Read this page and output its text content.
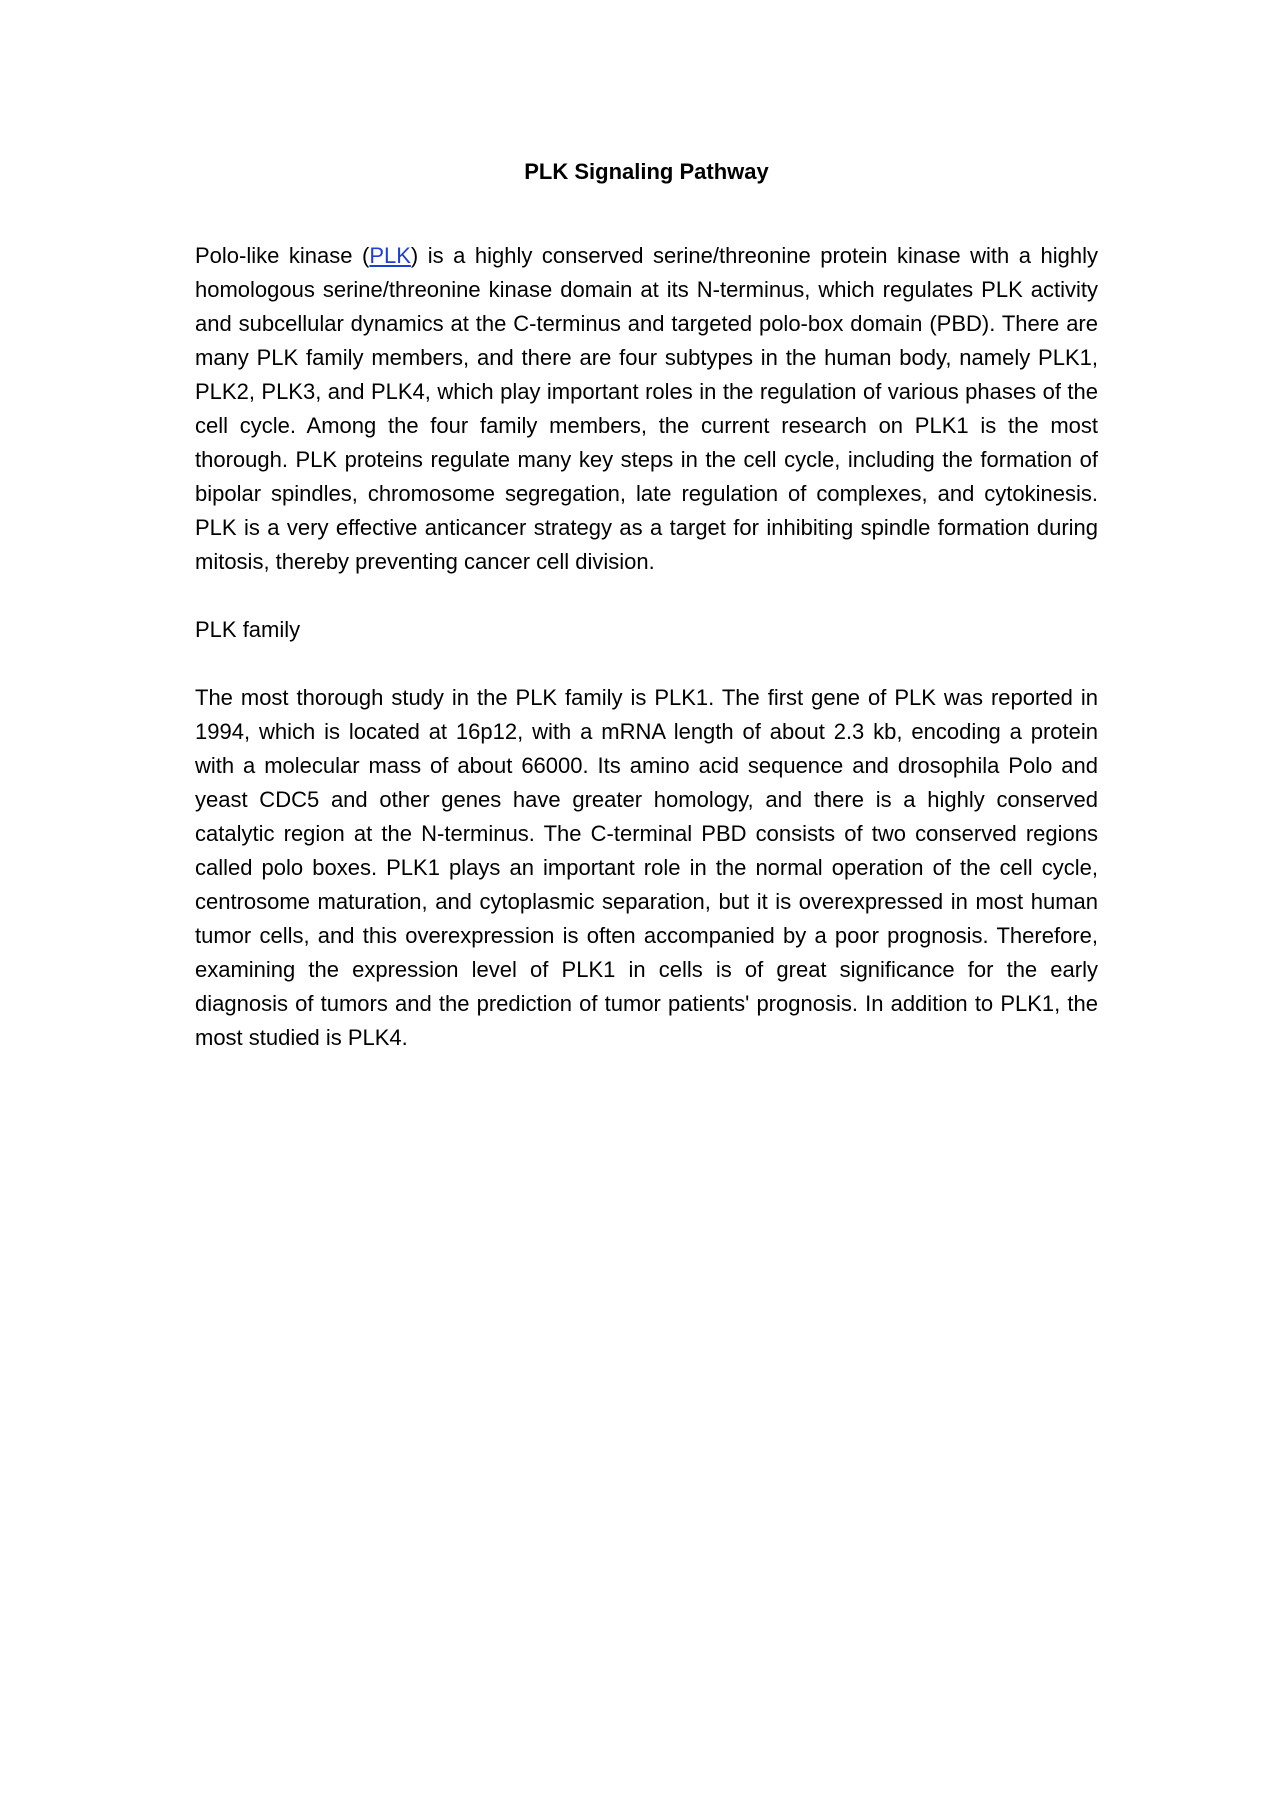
PLK Signaling Pathway

Polo-like kinase (PLK) is a highly conserved serine/threonine protein kinase with a highly homologous serine/threonine kinase domain at its N-terminus, which regulates PLK activity and subcellular dynamics at the C-terminus and targeted polo-box domain (PBD). There are many PLK family members, and there are four subtypes in the human body, namely PLK1, PLK2, PLK3, and PLK4, which play important roles in the regulation of various phases of the cell cycle. Among the four family members, the current research on PLK1 is the most thorough. PLK proteins regulate many key steps in the cell cycle, including the formation of bipolar spindles, chromosome segregation, late regulation of complexes, and cytokinesis. PLK is a very effective anticancer strategy as a target for inhibiting spindle formation during mitosis, thereby preventing cancer cell division.

PLK family

The most thorough study in the PLK family is PLK1. The first gene of PLK was reported in 1994, which is located at 16p12, with a mRNA length of about 2.3 kb, encoding a protein with a molecular mass of about 66000. Its amino acid sequence and drosophila Polo and yeast CDC5 and other genes have greater homology, and there is a highly conserved catalytic region at the N-terminus. The C-terminal PBD consists of two conserved regions called polo boxes. PLK1 plays an important role in the normal operation of the cell cycle, centrosome maturation, and cytoplasmic separation, but it is overexpressed in most human tumor cells, and this overexpression is often accompanied by a poor prognosis. Therefore, examining the expression level of PLK1 in cells is of great significance for the early diagnosis of tumors and the prediction of tumor patients' prognosis. In addition to PLK1, the most studied is PLK4.
